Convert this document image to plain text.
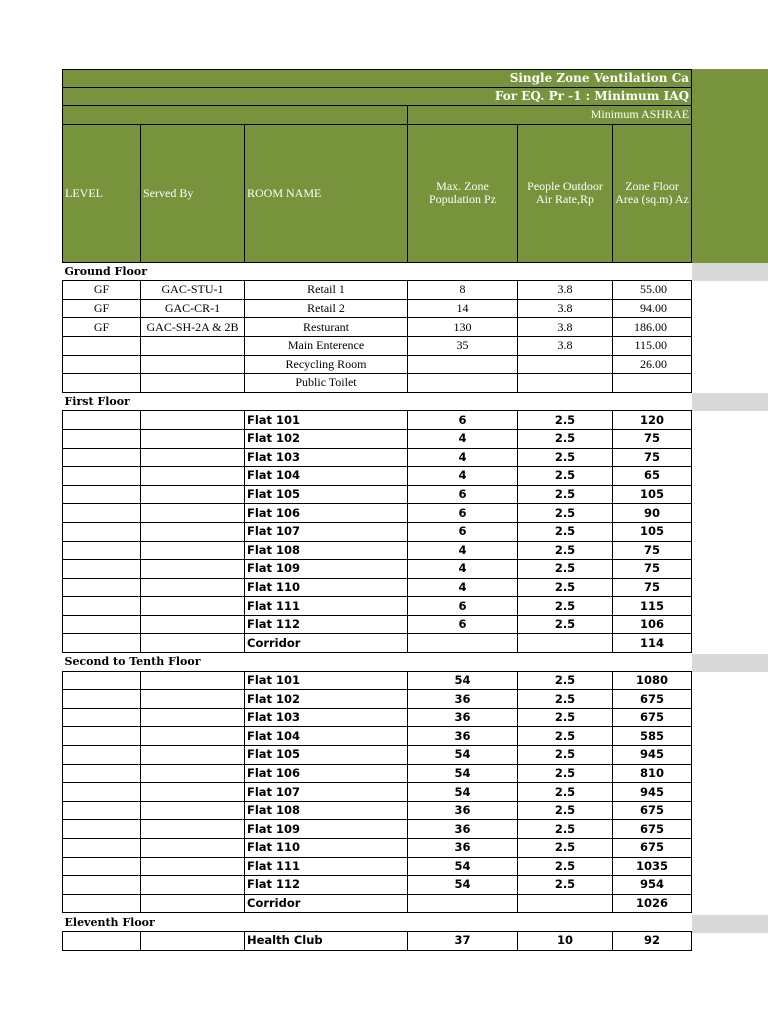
Single Zone Ventilation Ca					
For EQ. Pr -1 : Minimum IAQ					
			Minimum ASHRAE		
LEVEL	Served By	ROOM NAME	Max. Zone Population Pz	People Outdoor Air Rate,Rp	Zone Floor Area (sq.m) Az
Ground Floor					
GF	GAC-STU-1	Retail 1	8	3.8	55.00
GF	GAC-CR-1	Retail 2	14	3.8	94.00
GF	GAC-SH-2A & 2B	Resturant	130	3.8	186.00
		Main Enterence	35	3.8	115.00
		Recycling Room			26.00
		Public Toilet			
First Floor					
		Flat 101	6	2.5	120
		Flat 102	4	2.5	75
		Flat 103	4	2.5	75
		Flat 104	4	2.5	65
		Flat 105	6	2.5	105
		Flat 106	6	2.5	90
		Flat 107	6	2.5	105
		Flat 108	4	2.5	75
		Flat 109	4	2.5	75
		Flat 110	4	2.5	75
		Flat 111	6	2.5	115
		Flat 112	6	2.5	106
		Corridor			114
Second to Tenth Floor					
		Flat 101	54	2.5	1080
		Flat 102	36	2.5	675
		Flat 103	36	2.5	675
		Flat 104	36	2.5	585
		Flat 105	54	2.5	945
		Flat 106	54	2.5	810
		Flat 107	54	2.5	945
		Flat 108	36	2.5	675
		Flat 109	36	2.5	675
		Flat 110	36	2.5	675
		Flat 111	54	2.5	1035
		Flat 112	54	2.5	954
		Corridor			1026
Eleventh Floor					
		Health Club	37	10	92
